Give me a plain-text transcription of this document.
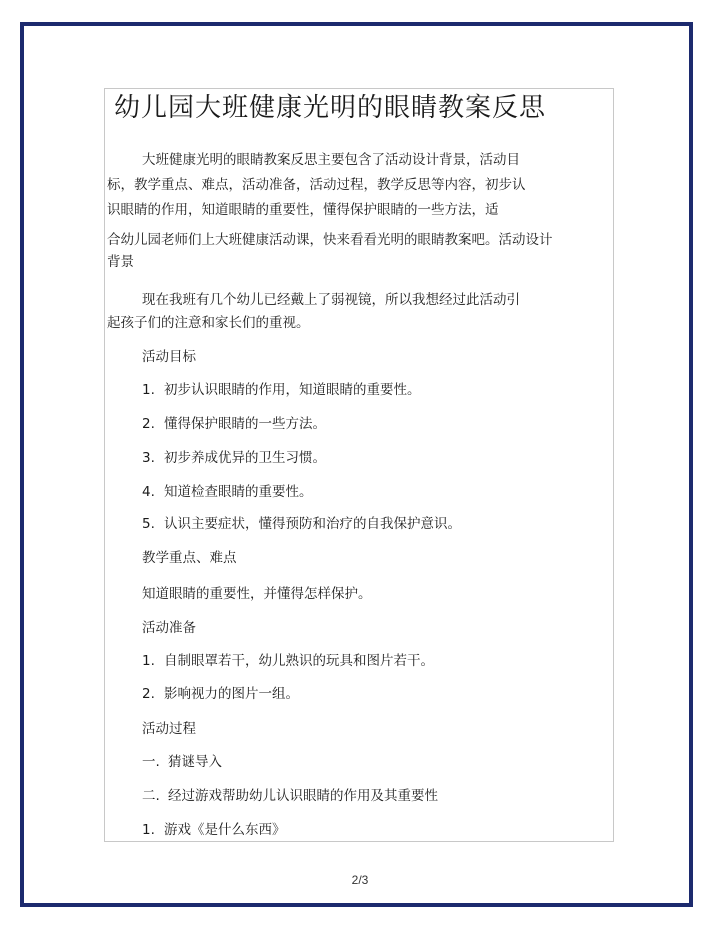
幼儿园大班健康光明的眼睛教案反思
大班健康光明的眼睛教案反思主要包含了活动设计背景，活动目
标，教学重点、难点，活动准备，活动过程，教学反思等内容，初步认
识眼睛的作用，知道眼睛的重要性，懂得保护眼睛的一些方法，适
合幼儿园老师们上大班健康活动课，快来看看光明的眼睛教案吧。活动设计
背景
现在我班有几个幼儿已经戴上了弱视镜，所以我想经过此活动引
起孩子们的注意和家长们的重视。
活动目标
1. 初步认识眼睛的作用，知道眼睛的重要性。
2. 懂得保护眼睛的一些方法。
3. 初步养成优异的卫生习惯。
4. 知道检查眼睛的重要性。
5. 认识主要症状，懂得预防和治疗的自我保护意识。
教学重点、难点
知道眼睛的重要性，并懂得怎样保护。
活动准备
1. 自制眼罩若干，幼儿熟识的玩具和图片若干。
2. 影响视力的图片一组。
活动过程
一. 猜谜导入
二. 经过游戏帮助幼儿认识眼睛的作用及其重要性
1. 游戏《是什么东西》
2/3
